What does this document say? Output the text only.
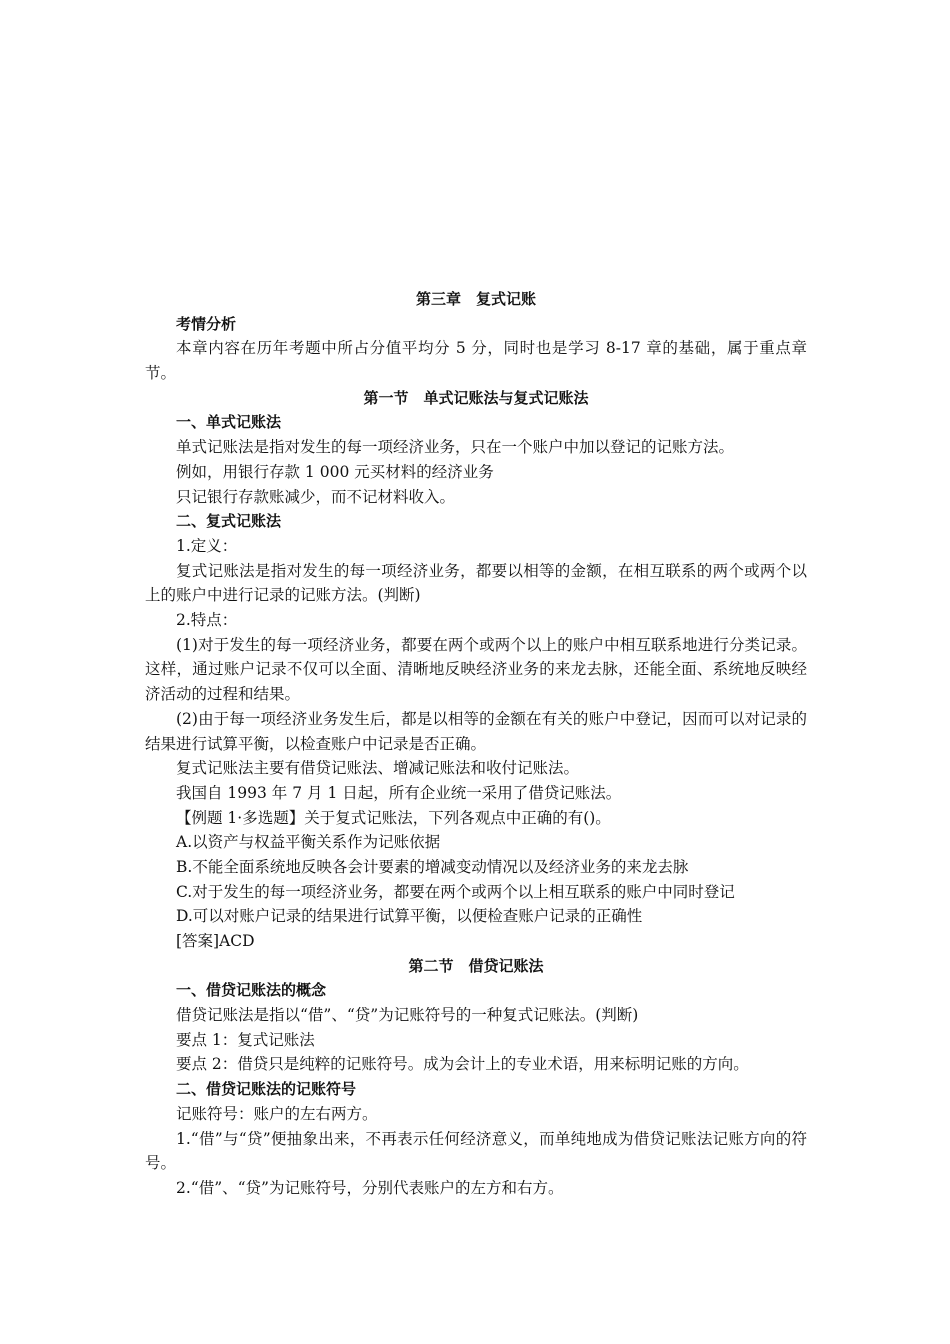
第三章　复式记账
考情分析
本章内容在历年考题中所占分值平均分 5 分，同时也是学习 8-17 章的基础，属于重点章节。
第一节　单式记账法与复式记账法
一、单式记账法
单式记账法是指对发生的每一项经济业务，只在一个账户中加以登记的记账方法。
例如，用银行存款 1 000 元买材料的经济业务
只记银行存款账减少，而不记材料收入。
二、复式记账法
1.定义：
复式记账法是指对发生的每一项经济业务，都要以相等的金额，在相互联系的两个或两个以上的账户中进行记录的记账方法。(判断)
2.特点：
(1)对于发生的每一项经济业务，都要在两个或两个以上的账户中相互联系地进行分类记录。这样，通过账户记录不仅可以全面、清晰地反映经济业务的来龙去脉，还能全面、系统地反映经济活动的过程和结果。
(2)由于每一项经济业务发生后，都是以相等的金额在有关的账户中登记，因而可以对记录的结果进行试算平衡，以检查账户中记录是否正确。
复式记账法主要有借贷记账法、增减记账法和收付记账法。
我国自 1993 年 7 月 1 日起，所有企业统一采用了借贷记账法。
【例题 1·多选题】关于复式记账法，下列各观点中正确的有()。
A.以资产与权益平衡关系作为记账依据
B.不能全面系统地反映各会计要素的增减变动情况以及经济业务的来龙去脉
C.对于发生的每一项经济业务，都要在两个或两个以上相互联系的账户中同时登记
D.可以对账户记录的结果进行试算平衡，以便检查账户记录的正确性
[答案]ACD
第二节　借贷记账法
一、借贷记账法的概念
借贷记账法是指以“借”、“贷”为记账符号的一种复式记账法。(判断)
要点 1：复式记账法
要点 2：借贷只是纯粹的记账符号。成为会计上的专业术语，用来标明记账的方向。
二、借贷记账法的记账符号
记账符号：账户的左右两方。
1.“借”与“贷”便抽象出来，不再表示任何经济意义，而单纯地成为借贷记账法记账方向的符号。
2.“借”、“贷”为记账符号，分别代表账户的左方和右方。
